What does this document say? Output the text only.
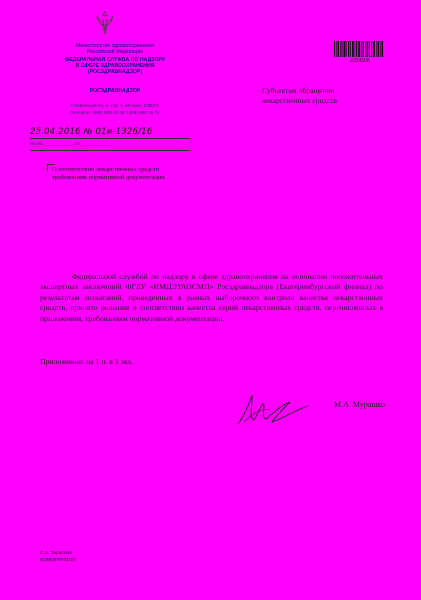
Министерство здравоохранения
Российской Федерации
ФЕДЕРАЛЬНАЯ СЛУЖБА ПО НАДЗОРУ
В СФЕРЕ ЗДРАВООХРАНЕНИЯ
(РОСЗДРАВНАДЗОР)
РОСЗДРАВНАДЗОР
Славянская пл. 4, стр. 1, Москва, 109074
Телефон: (495) 698 45 38; (495) 698 15 74
25.04.2016 № 01и-1326/16
На № ____________ от ____________
2324506
Субъектам обращения лекарственных средств
О соответствии лекарственных средств требованиям нормативной документации
Федеральной службой по надзору в сфере здравоохранения на основании положительных экспертных заключений ФГБУ «ИМЦЭУАОСМП» Росздравнадзора (Екатеринбургский филиал) по результатам испытаний, проведенных в рамках выборочного контроля качества лекарственных средств, принято решение о соответствии качества серий лекарственных средств, перечисленных в приложении, требованиям нормативной документации.
Приложение: на 1 л. в 1 экз.
М.А. Мурашко
С.А. Тарасова
8(499)578-01-27
